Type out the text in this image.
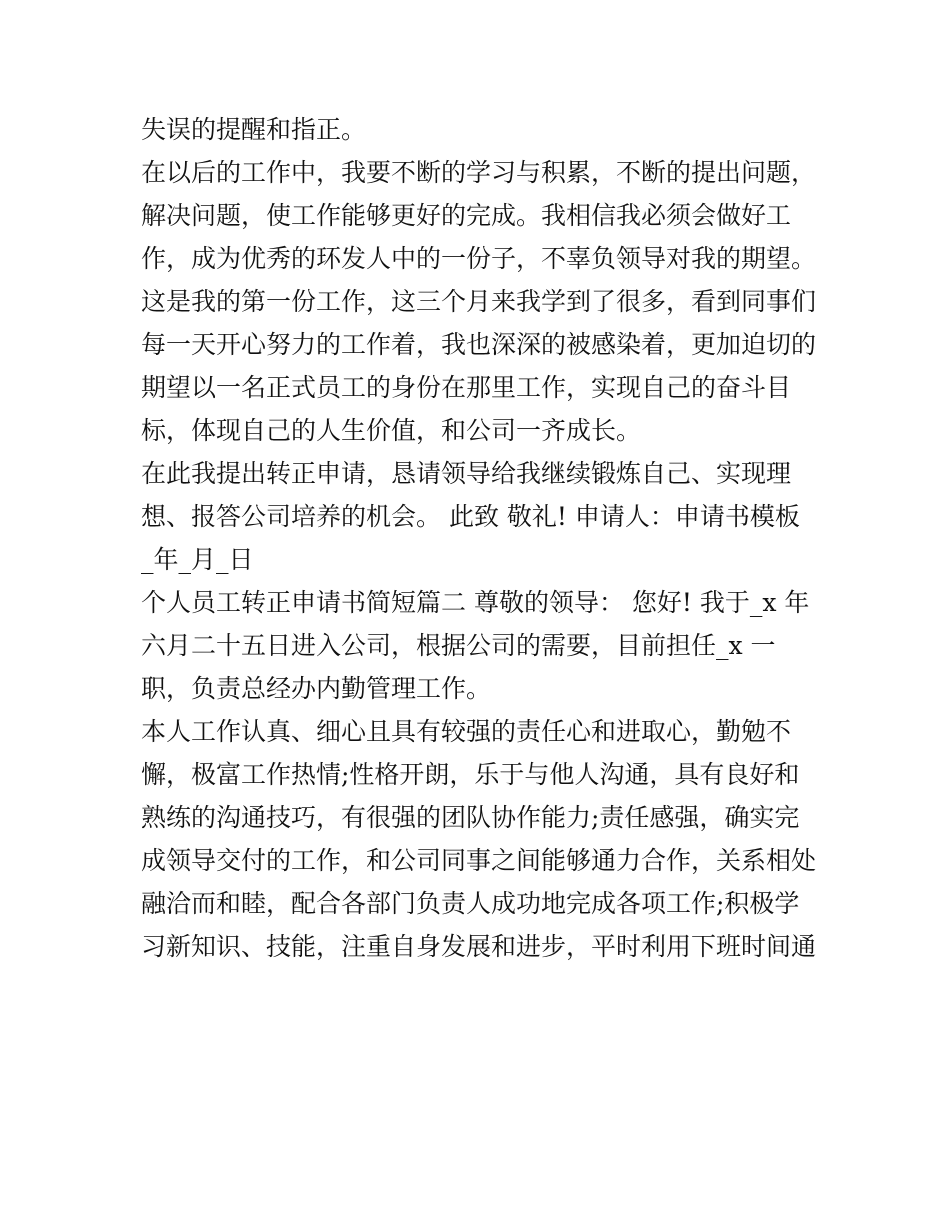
失误的提醒和指正。
在以后的工作中，我要不断的学习与积累，不断的提出问题，
解决问题，使工作能够更好的完成。我相信我必须会做好工
作，成为优秀的环发人中的一份子，不辜负领导对我的期望。
这是我的第一份工作，这三个月来我学到了很多，看到同事们
每一天开心努力的工作着，我也深深的被感染着，更加迫切的
期望以一名正式员工的身份在那里工作，实现自己的奋斗目
标，体现自己的人生价值，和公司一齐成长。
在此我提出转正申请，恳请领导给我继续锻炼自己、实现理
想、报答公司培养的机会。 此致 敬礼! 申请人：申请书模板
_年_月_日
个人员工转正申请书简短篇二 尊敬的领导： 您好! 我于_x 年
六月二十五日进入公司，根据公司的需要，目前担任_x 一
职，负责总经办内勤管理工作。
本人工作认真、细心且具有较强的责任心和进取心，勤勉不
懈，极富工作热情;性格开朗，乐于与他人沟通，具有良好和
熟练的沟通技巧，有很强的团队协作能力;责任感强，确实完
成领导交付的工作，和公司同事之间能够通力合作，关系相处
融洽而和睦，配合各部门负责人成功地完成各项工作;积极学
习新知识、技能，注重自身发展和进步，平时利用下班时间通
